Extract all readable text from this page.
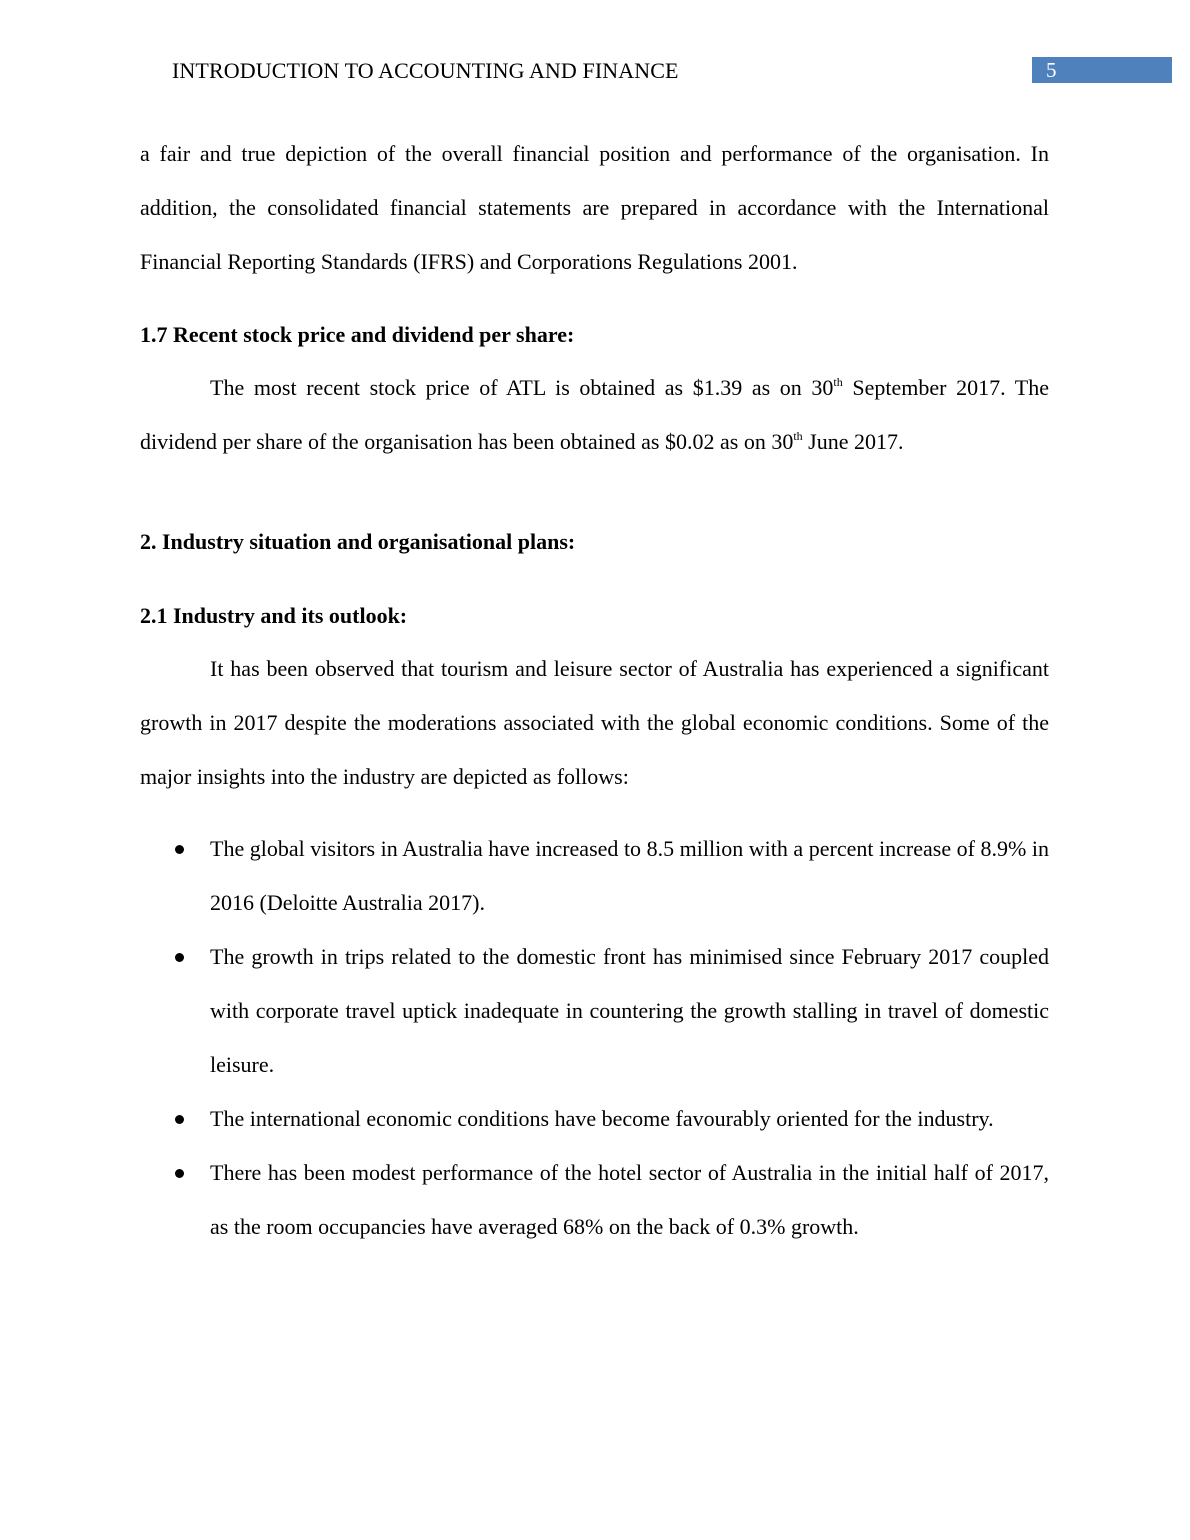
INTRODUCTION TO ACCOUNTING AND FINANCE	5

a fair and true depiction of the overall financial position and performance of the organisation. In addition, the consolidated financial statements are prepared in accordance with the International Financial Reporting Standards (IFRS) and Corporations Regulations 2001.

1.7 Recent stock price and dividend per share:

The most recent stock price of ATL is obtained as $1.39 as on 30th September 2017. The dividend per share of the organisation has been obtained as $0.02 as on 30th June 2017.

2. Industry situation and organisational plans:
2.1 Industry and its outlook:

It has been observed that tourism and leisure sector of Australia has experienced a significant growth in 2017 despite the moderations associated with the global economic conditions. Some of the major insights into the industry are depicted as follows:

The global visitors in Australia have increased to 8.5 million with a percent increase of 8.9% in 2016 (Deloitte Australia 2017).
The growth in trips related to the domestic front has minimised since February 2017 coupled with corporate travel uptick inadequate in countering the growth stalling in travel of domestic leisure.
The international economic conditions have become favourably oriented for the industry.
There has been modest performance of the hotel sector of Australia in the initial half of 2017, as the room occupancies have averaged 68% on the back of 0.3% growth.
